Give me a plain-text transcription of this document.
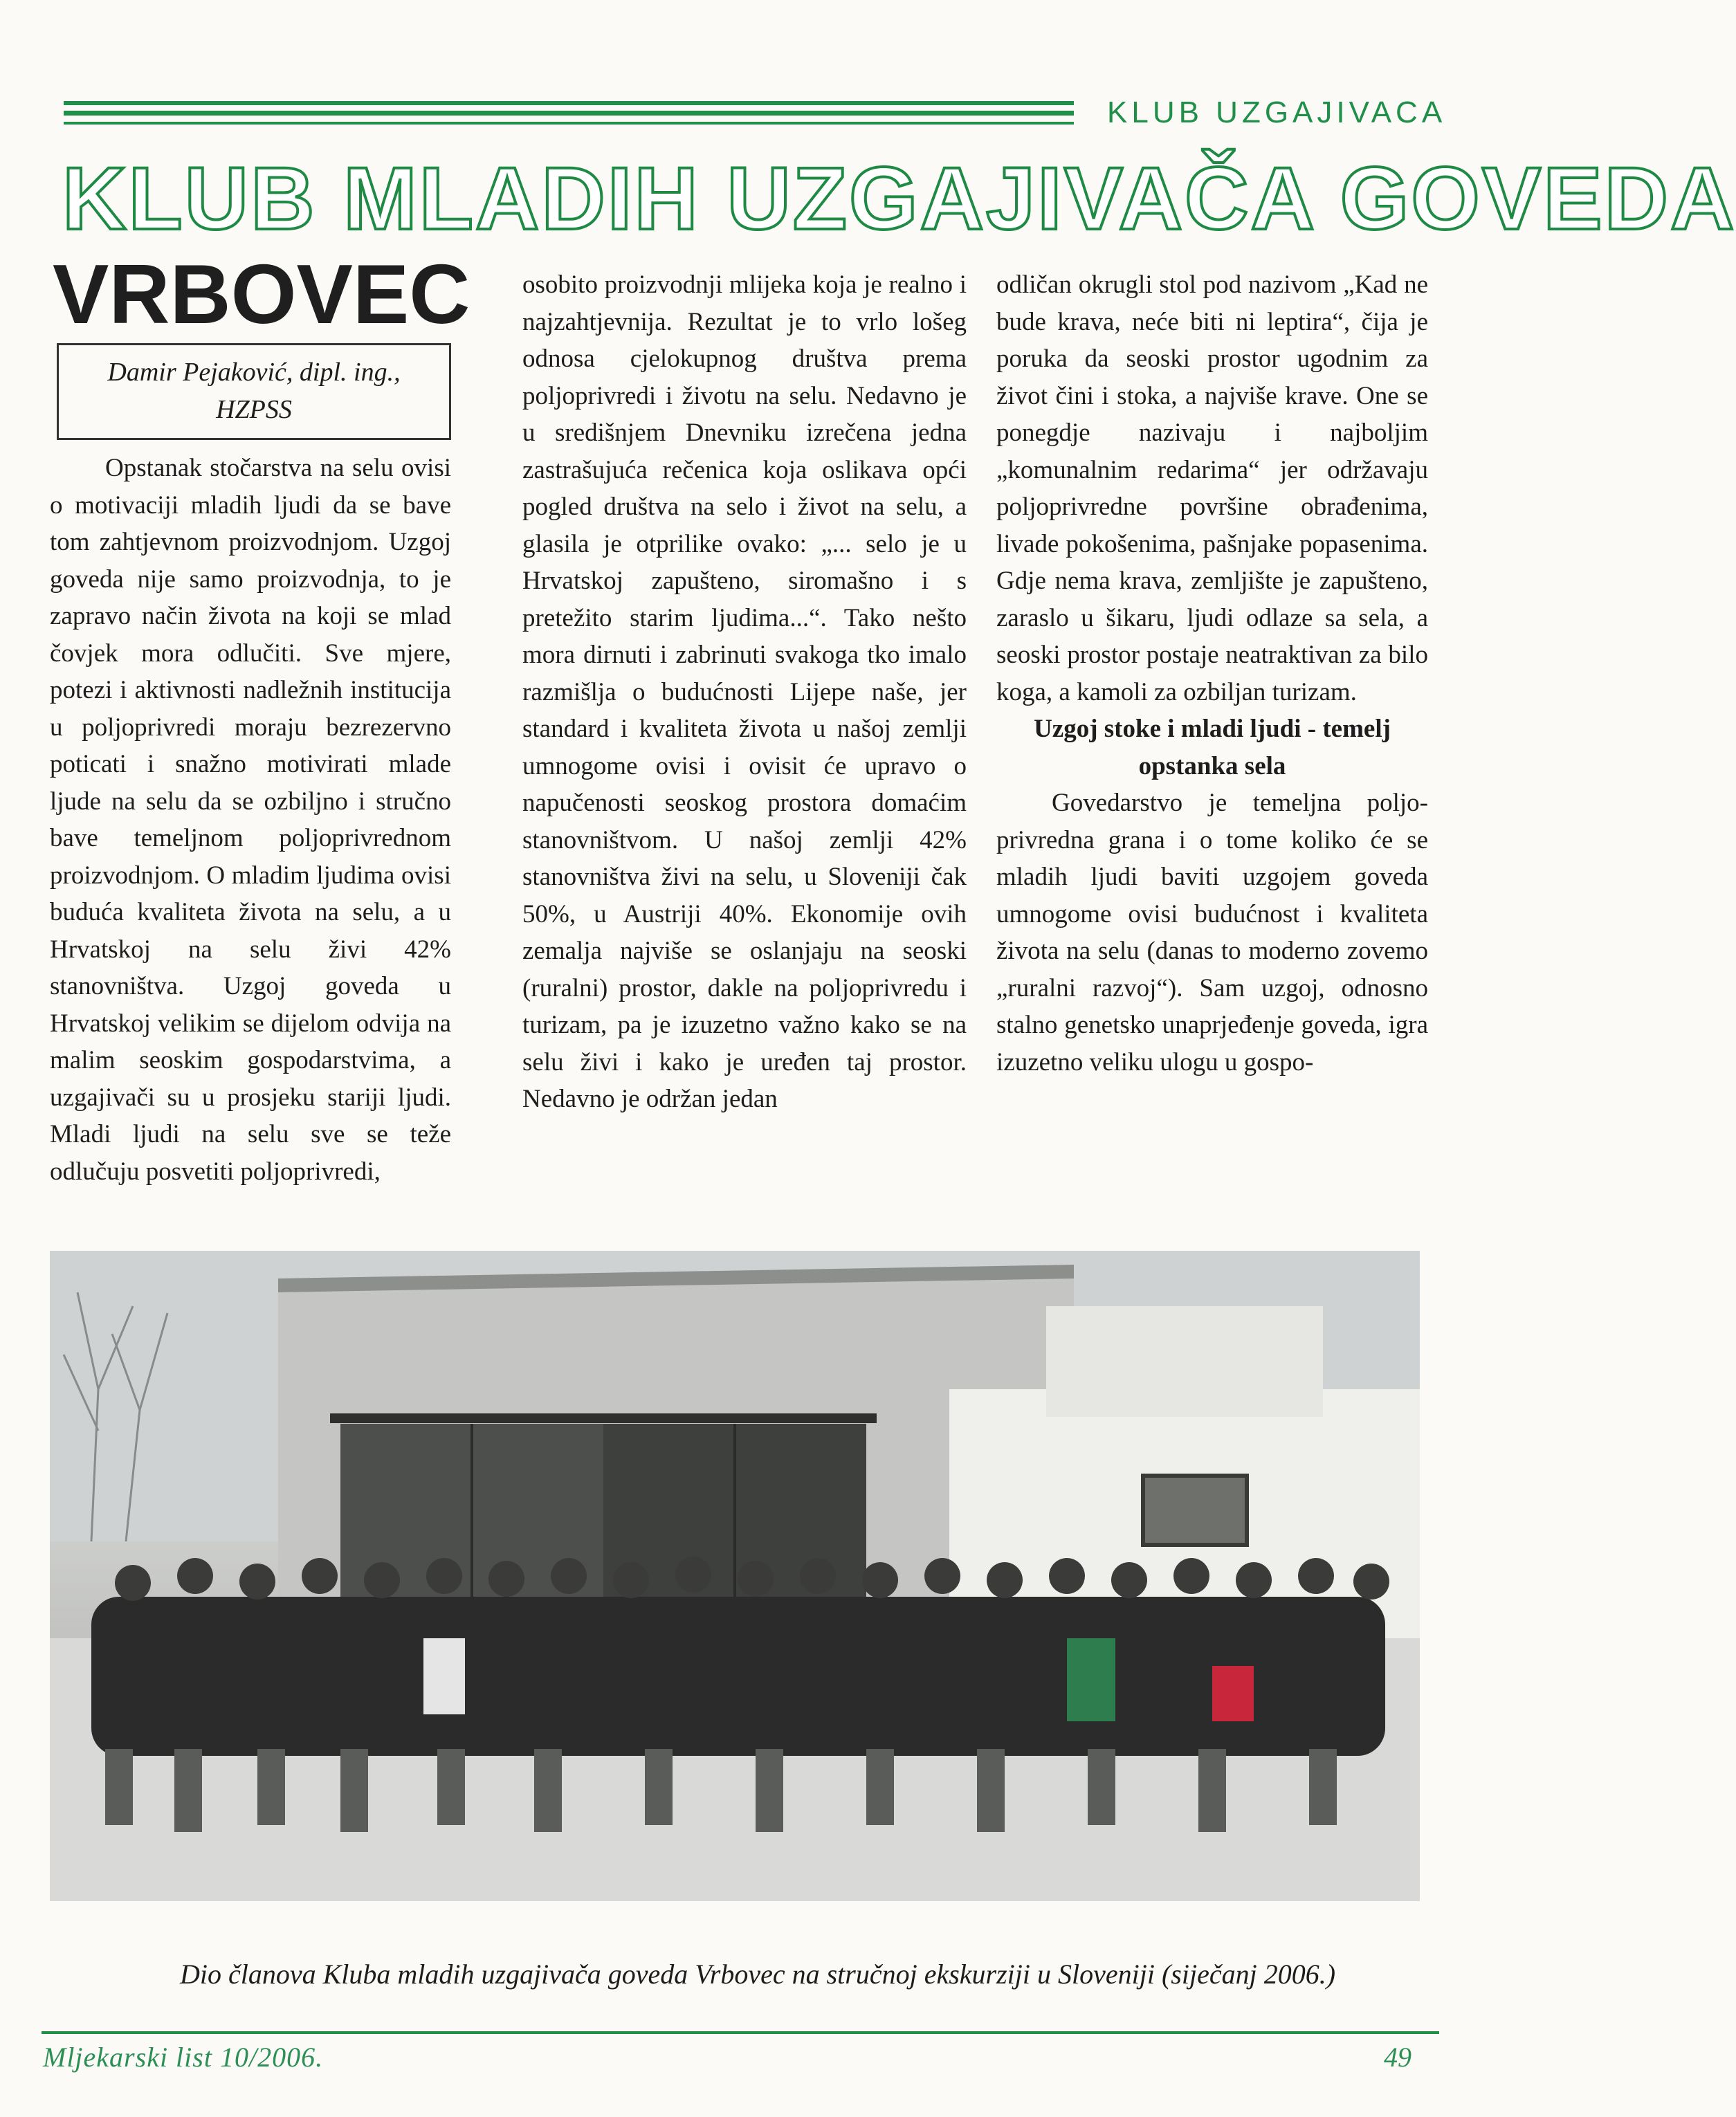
KLUB UZGAJIVACA
KLUB MLADIH UZGAJIVAČA GOVEDA
VRBOVEC
Damir Pejaković, dipl. ing.,
HZPSS

Opstanak stočarstva na selu ovisi o motivaciji mladih ljudi da se bave tom zahtjevnom proizvodnjom. Uzgoj goveda nije samo proizvodnja, to je zapravo način života na koji se mlad čovjek mora odlučiti. Sve mjere, potezi i aktivnosti nadležnih institucija u poljoprivredi moraju bezrezervno poticati i snažno motivirati mlade ljude na selu da se ozbiljno i stručno bave temeljnom poljoprivrednom proizvodnjom. O mladim ljudima ovisi buduća kvaliteta života na selu, a u Hrvatskoj na selu živi 42% stanovništva. Uzgoj goveda u Hrvatskoj velikim se dijelom odvija na malim seoskim gospodarstvima, a uzgajivači su u prosjeku stariji ljudi. Mladi ljudi na selu sve se teže odlučuju posvetiti poljoprivredi,

osobito proizvodnji mlijeka koja je realno i najzahtjevnija. Rezultat je to vrlo lošeg odnosa cjelokupnog društva prema poljoprivredi i životu na selu. Nedavno je u središnjem Dnevniku izrečena jedna zastrašujuća rečenica koja oslikava opći pogled društva na selo i život na selu, a glasila je otprilike ovako: „... selo je u Hrvatskoj zapušteno, siromašno i s pretežito starim ljudima...“. Tako nešto mora dirnuti i zabrinuti svakoga tko imalo razmišlja o budućnosti Lijepe naše, jer standard i kvaliteta života u našoj zemlji umnogome ovisi i ovisit će upravo o napučenosti seoskog prostora domaćim stanovništvom. U našoj zemlji 42% stanovništva živi na selu, u Sloveniji čak 50%, u Austriji 40%. Ekonomije ovih zemalja najviše se oslanjaju na seoski (ruralni) prostor, dakle na poljoprivredu i turizam, pa je izuzetno važno kako se na selu živi i kako je uređen taj prostor. Nedavno je održan jedan

odličan okrugli stol pod nazivom „Kad ne bude krava, neće biti ni leptira“, čija je poruka da seoski prostor ugodnim za život čini i stoka, a najviše krave. One se ponegdje nazivaju i najboljim „komunalnim redarima“ jer održavaju poljoprivredne površine obrađenima, livade pokošenima, pašnjake popasenima. Gdje nema krava, zemljište je zapušteno, zaraslo u šikaru, ljudi odlaze sa sela, a seoski prostor postaje neatraktivan za bilo koga, a kamoli za ozbiljan turizam.

Uzgoj stoke i mladi ljudi - temelj
opstanka sela

Govedarstvo je temeljna poljoprivredna grana i o tome koliko će se mladih ljudi baviti uzgojem goveda umnogome ovisi budućnost i kvaliteta života na selu (danas to moderno zovemo „ruralni razvoj“). Sam uzgoj, odnosno stalno genetsko unaprjeđenje goveda, igra izuzetno veliku ulogu u gospo-

Dio članova Kluba mladih uzgajivača goveda Vrbovec na stručnoj ekskurziji u Sloveniji (siječanj 2006.)
Mljekarski list 10/2006.	49
